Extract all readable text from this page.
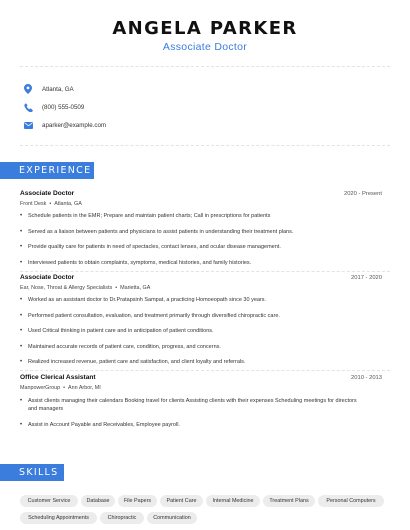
ANGELA PARKER
Associate Doctor
Atlanta, GA
(800) 555-0509
aparker@example.com
EXPERIENCE
Associate Doctor	2020 - Present
Front Desk • Atlanta, GA
•	Schedule patients in the EMR; Prepare and maintain patient charts; Call in prescriptions for patients
•	Served as a liaison between patients and physicians to assist patients in understanding their treatment plans.
•	Provide quality care for patients in need of spectacles, contact lenses, and ocular disease management.
•	Interviewed patients to obtain complaints, symptoms, medical histories, and family histories.
Associate Doctor	2017 - 2020
Ear, Nose, Throat & Allergy Specialists • Marietta, GA
•	Worked as an assistant doctor to Dr.Pratapsinh Sampat, a practicing Homoeopath since 30 years.
•	Performed patient consultation, evaluation, and treatment primarily through diversified chiropractic care.
•	Used Critical thinking in patient care and in anticipation of patient conditions.
•	Maintained accurate records of patient care, condition, progress, and concerns.
•	Realized increased revenue, patient care and satisfaction, and client loyalty and referrals.
Office Clerical Assistant	2010 - 2013
ManpowerGroup • Ann Arbor, MI
•	Assist clients managing their calendars Booking travel for clients Assisting clients with their expenses Scheduling meetings for directors and managers
•	Assist in Account Payable and Receivables, Employee payroll.
SKILLS
Customer Service	Database	File Papers	Patient Care	Internal Medicine	Treatment Plans	Personal Computers
Scheduling Appointments	Chiropractic	Communication
